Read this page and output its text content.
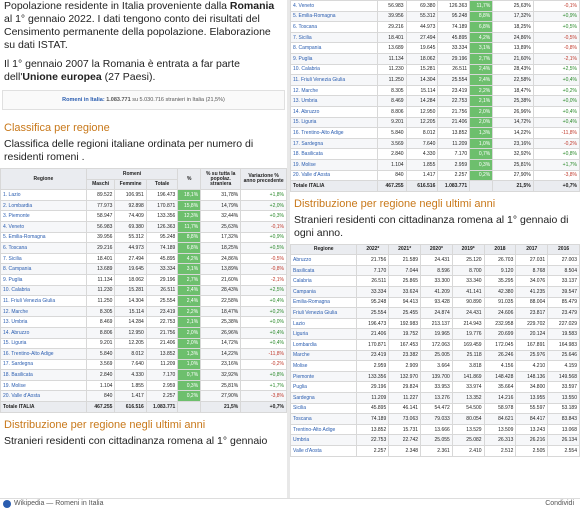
Popolazione residente in Italia proveniente dalla Romania al 1° gennaio 2022. I dati tengono conto dei risultati del Censimento permanente della popolazione. Elaborazione su dati ISTAT.

Il 1° gennaio 2007 la Romania è entrata a far parte dell'Unione europea (27 Paesi).

Romeni in Italia: 1.083.771 su 5.030.716 stranieri in Italia (21,5%)
Classifica per regione

Classifica delle regioni italiane ordinata per numero di residenti romeni .

Regione	Romeni			%	% su tutta la popolaz. straniera	Variazione % anno precedente
	Maschi	Femmine	Totale			
1. Lazio	89.522	106.951	196.473	18,1%	31,78%	+1,8%
2. Lombardia	77.973	92.898	170.871	15,8%	14,79%	+2,0%
3. Piemonte	58.947	74.409	133.356	12,3%	32,44%	+0,3%
4. Veneto	56.983	69.380	126.363	11,7%	25,63%	-0,1%
5. Emilia-Romagna	39.956	55.312	95.248	8,8%	17,32%	+0,9%
6. Toscana	29.216	44.973	74.189	6,8%	18,25%	+0,5%
7. Sicilia	18.401	27.494	45.895	4,2%	24,86%	-0,5%
8. Campania	13.689	19.645	33.334	3,1%	13,89%	-0,8%
9. Puglia	11.134	18.062	29.196	2,7%	21,60%	-2,1%
10. Calabria	11.230	15.281	26.511	2,4%	28,43%	+2,5%
11. Friuli Venezia Giulia	11.250	14.304	25.554	2,4%	22,58%	+0,4%
12. Marche	8.305	15.114	23.419	2,2%	18,47%	+0,2%
13. Umbria	8.469	14.284	22.753	2,1%	25,38%	+0,0%
14. Abruzzo	8.806	12.950	21.756	2,0%	26,96%	+0,4%
15. Liguria	9.201	12.205	21.406	2,0%	14,72%	+0,4%
16. Trentino-Alto Adige	5.840	8.012	13.852	1,3%	14,22%	-11,8%
17. Sardegna	3.569	7.640	11.209	1,0%	23,16%	-0,2%
18. Basilicata	2.840	4.330	7.170	0,7%	32,92%	+0,8%
19. Molise	1.104	1.855	2.959	0,3%	25,81%	+1,7%
20. Valle d'Aosta	840	1.417	2.257	0,2%	27,90%	-3,8%
Totale ITALIA	467.255	616.516	1.083.771		21,5%	+0,7%
Distribuzione per regione negli ultimi anni

Stranieri residenti con cittadinanza romena al 1° gennaio

4. Veneto	56.983	69.380	126.363	11,7%	25,63%	-0,1%
5. Emilia-Romagna	39.956	55.312	95.248	8,8%	17,32%	+0,9%
6. Toscana	29.216	44.973	74.189	6,8%	18,25%	+0,5%
7. Sicilia	18.401	27.494	45.895	4,2%	24,86%	-0,5%
8. Campania	13.689	19.645	33.334	3,1%	13,89%	-0,8%
9. Puglia	11.134	18.062	29.196	2,7%	21,60%	-2,1%
10. Calabria	11.230	15.281	26.511	2,4%	28,43%	+2,5%
11. Friuli Venezia Giulia	11.250	14.304	25.554	2,4%	22,58%	+0,4%
12. Marche	8.305	15.114	23.419	2,2%	18,47%	+0,2%
13. Umbria	8.469	14.284	22.753	2,1%	25,38%	+0,0%
14. Abruzzo	8.806	12.950	21.756	2,0%	26,96%	+0,4%
15. Liguria	9.201	12.205	21.406	2,0%	14,72%	+0,4%
16. Trentino-Alto Adige	5.840	8.012	13.852	1,3%	14,22%	-11,8%
17. Sardegna	3.569	7.640	11.209	1,0%	23,16%	-0,2%
18. Basilicata	2.840	4.330	7.170	0,7%	32,92%	+0,8%
19. Molise	1.104	1.855	2.959	0,3%	25,81%	+1,7%
20. Valle d'Aosta	840	1.417	2.257	0,2%	27,90%	-3,8%
Totale ITALIA	467.255	616.516	1.083.771		21,5%	+0,7%
Distribuzione per regione negli ultimi anni

Stranieri residenti con cittadinanza romena al 1° gennaio di ogni anno.

Regione	2022*	2021*	2020*	2019*	2018	2017	2016
Abruzzo	21.756	21.589	24.431	25.120	26.703	27.031	27.003
Basilicata	7.170	7.044	8.596	8.700	9.120	8.768	8.504
Calabria	26.511	25.865	33.300	33.340	35.295	34.076	33.137
Campania	33.334	33.624	41.209	41.141	42.380	41.235	39.547
Emilia-Romagna	95.248	94.413	93.428	90.890	91.035	88.004	85.479
Friuli Venezia Giulia	25.554	25.455	24.874	24.431	24.606	23.817	23.479
Lazio	196.473	192.983	213.137	214.943	232.958	229.702	227.029
Liguria	21.406	19.752	19.965	19.776	20.699	20.124	19.583
Lombardia	170.871	167.453	172.063	169.459	172.045	167.891	164.983
Marche	23.419	23.382	25.005	25.118	26.246	25.976	25.646
Molise	2.959	2.909	3.664	3.818	4.156	4.210	4.159
Piemonte	133.356	132.970	139.700	141.869	148.428	148.136	149.568
Puglia	29.196	29.824	33.953	33.974	35.664	34.800	33.597
Sardegna	11.209	11.227	13.276	13.352	14.216	13.955	13.550
Sicilia	45.895	46.141	54.472	54.500	58.978	55.597	53.189
Toscana	74.189	73.063	79.033	80.054	84.621	84.417	83.843
Trentino-Alto Adige	13.852	15.731	13.666	13.529	13.509	13.243	13.068
Umbria	22.753	22.742	25.055	25.082	26.313	26.216	26.134
Valle d'Aosta	2.257	2.348	2.361	2.410	2.512	2.505	2.554
Wikipedia — Romeni in Italia	Condividi
